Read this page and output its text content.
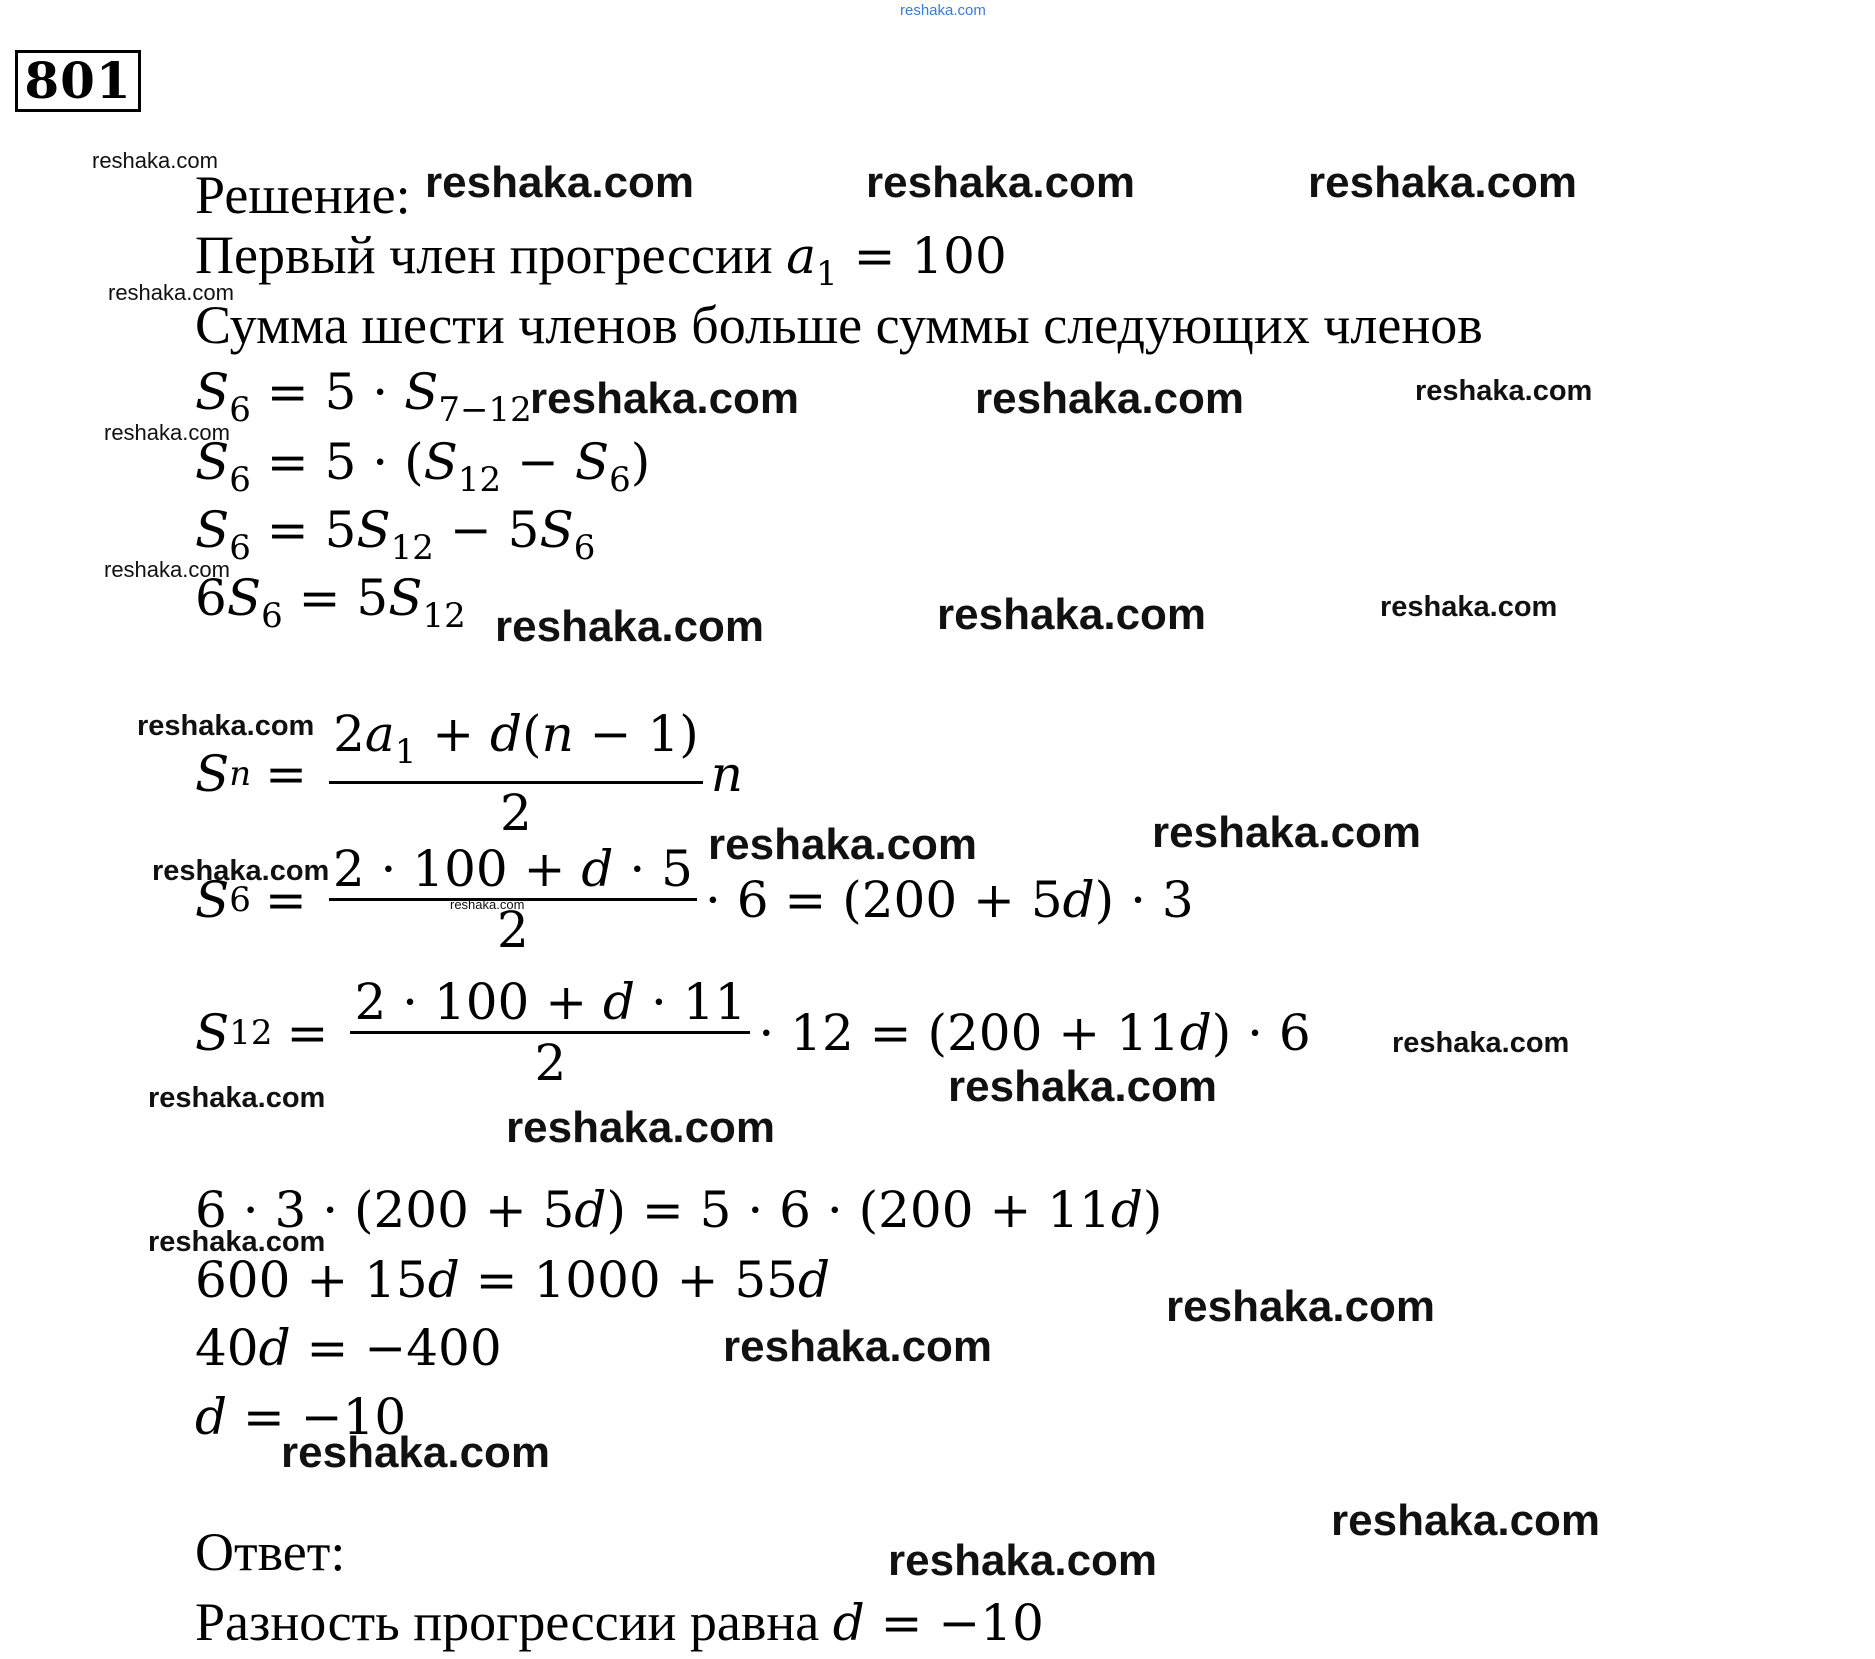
reshaka.com
801
Решение:
Первый член прогрессии $a_1 = 100$
Сумма шести членов больше суммы следующих членов
$S_6 = 5 \cdot S_{7-12}$
$S_6 = 5 \cdot (S_{12} - S_6)$
$S_6 = 5S_{12} - 5S_6$
$6S_6 = 5S_{12}$
S $n = \frac{2a_1 + d(n - 1)}{2}$ n
S $6 = \frac{2 \cdot 100 + d \cdot 5}{2} \cdot 6 = (200 + 5$ d ) · 3
S $12 = \frac{2 \cdot 100 + d \cdot 11}{2} \cdot 12 = (200 + 11$ d ) · 6
6 · 3 · (200 + 5d) = 5 · 6 · (200 + 11d)
600 + 15d = 1000 + 55d
40d = −400
d = −10
Ответ:
Разность прогрессии равна d = −10
reshaka.com	reshaka.com	reshaka.com	reshaka.com
reshaka.com
reshaka.com	reshaka.com	reshaka.com
reshaka.com
reshaka.com
reshaka.com	reshaka.com	reshaka.com
reshaka.com
reshaka.com	reshaka.com
reshaka.com
reshaka.com
reshaka.com
reshaka.com	reshaka.com
reshaka.com
reshaka.com
reshaka.com
reshaka.com
reshaka.com
reshaka.com
reshaka.com
